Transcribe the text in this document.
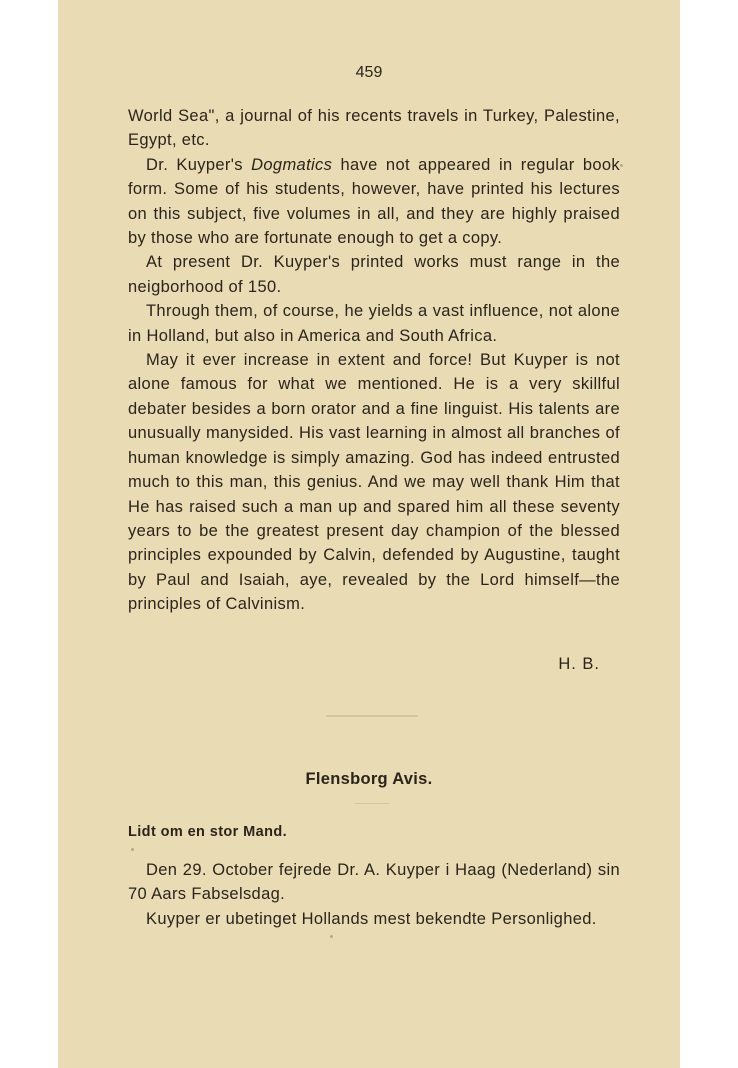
459

World Sea", a journal of his recents travels in Turkey, Palestine, Egypt, etc.

Dr. Kuyper's Dogmatics have not appeared in regular book form. Some of his students, however, have printed his lectures on this subject, five volumes in all, and they are highly praised by those who are fortunate enough to get a copy.

At present Dr. Kuyper's printed works must range in the neigborhood of 150.

Through them, of course, he yields a vast influence, not alone in Holland, but also in America and South Africa.

May it ever increase in extent and force! But Kuyper is not alone famous for what we mentioned. He is a very skillful debater besides a born orator and a fine linguist. His talents are unusually manysided. His vast learning in almost all branches of human knowledge is simply amazing. God has indeed entrusted much to this man, this genius. And we may well thank Him that He has raised such a man up and spared him all these seventy years to be the greatest present day champion of the blessed principles expounded by Calvin, defended by Augustine, taught by Paul and Isaiah, aye, revealed by the Lord himself—the principles of Calvinism.

H. B.
Flensborg Avis.
Lidt om en stor Mand.

Den 29. October fejrede Dr. A. Kuyper i Haag (Nederland) sin 70 Aars Fabselsdag.

Kuyper er ubetinget Hollands mest bekendte Personlighed.
